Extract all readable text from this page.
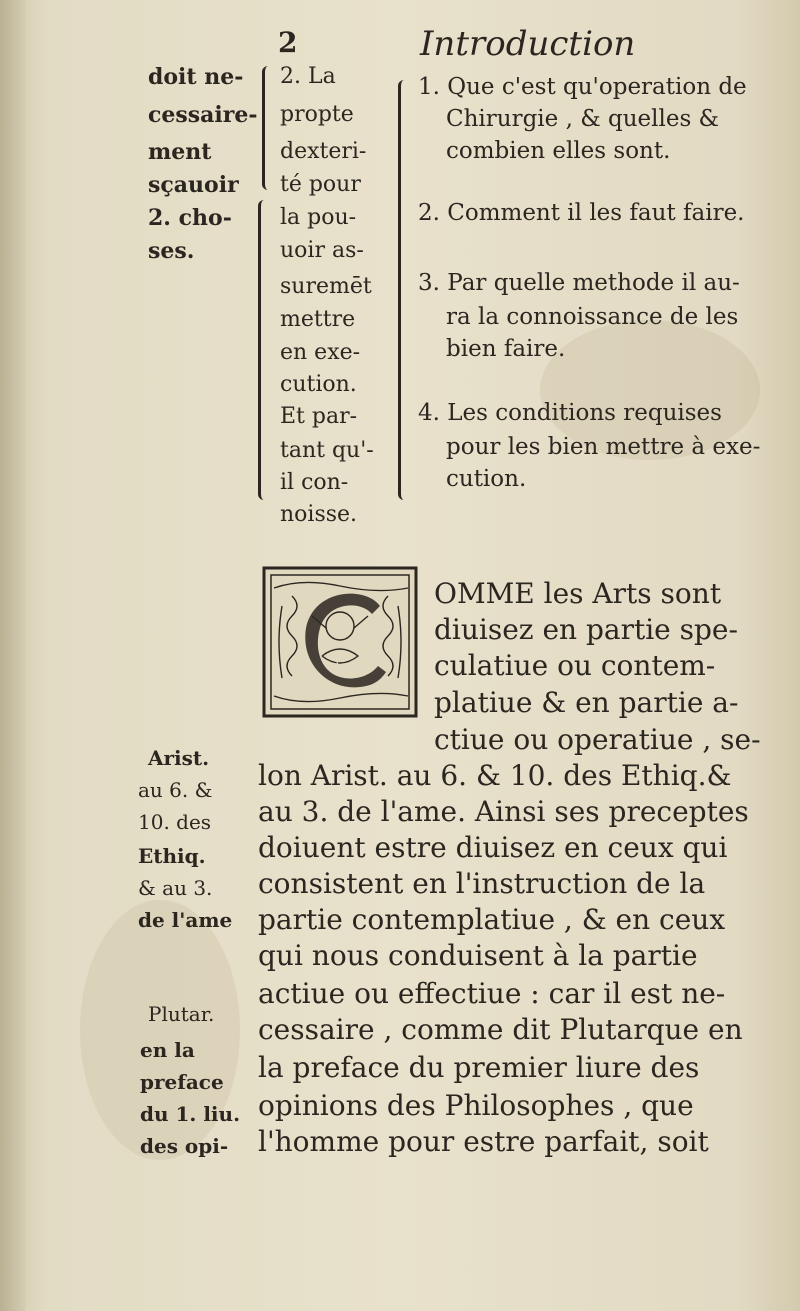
2	Introduction
doit ne-
cessaire-
ment
sçauoir
2. cho-
ses.
2. La
propte
dexteri-
té pour
la pou-
uoir as-
suremēt
mettre
en exe-
cution.
Et par-
tant qu'-
il con-
noisse.
1. Que c'est qu'operation de
Chirurgie , & quelles &
combien elles sont.
2. Comment il les faut faire.
3. Par quelle methode il au-
ra la connoissance de les
bien faire.
4. Les conditions requises
pour les bien mettre à exe-
cution.
C
OMME les Arts sont
diuisez en partie spe-
culatiue ou contem-
platiue & en partie a-
ctiue ou operatiue , se-
lon Arist. au 6. & 10. des Ethiq.&
au 3. de l'ame. Ainsi ses preceptes
doiuent estre diuisez en ceux qui
consistent en l'instruction de la
partie contemplatiue , & en ceux
qui nous conduisent à la partie
actiue ou effectiue : car il est ne-
cessaire , comme dit Plutarque en
la preface du premier liure des
opinions des Philosophes , que
l'homme pour estre parfait, soit
Arist.
au 6. &
10. des
Ethiq.
& au 3.
de l'ame
Plutar.
en la
preface
du 1. liu.
des opi-
